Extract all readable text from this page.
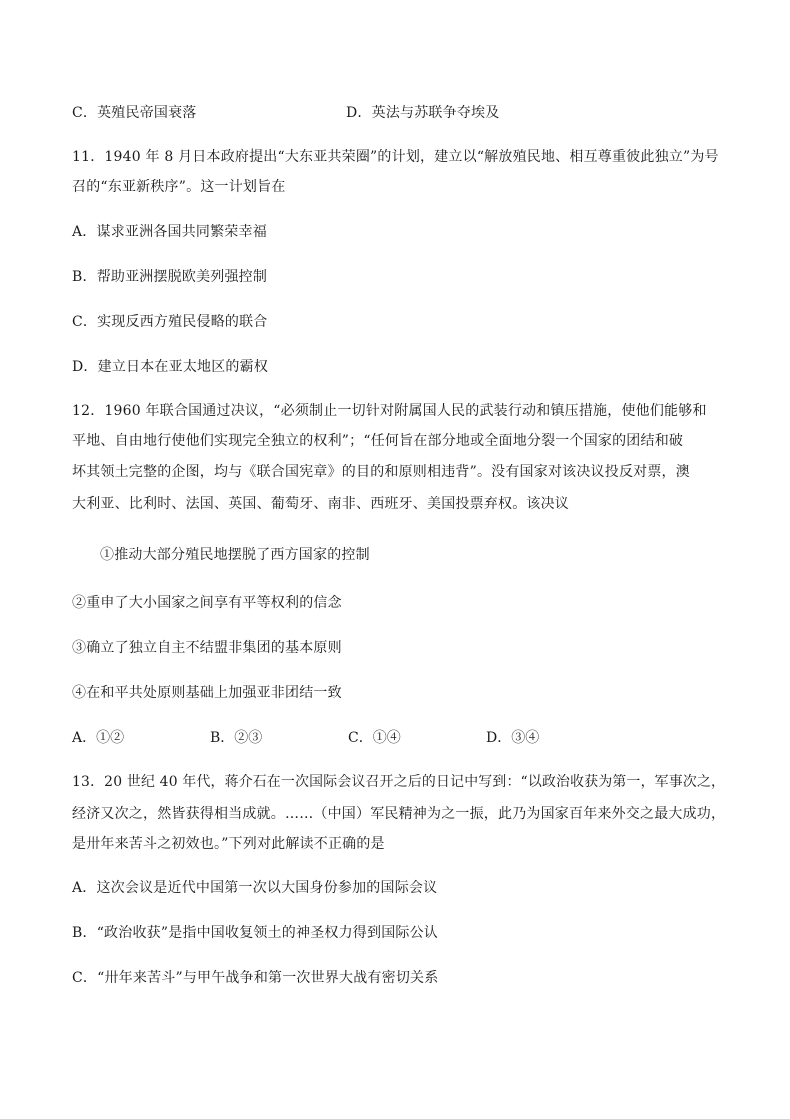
C．英殖民帝国衰落	D．英法与苏联争夺埃及
11．1940 年 8 月日本政府提出“大东亚共荣圈”的计划，建立以“解放殖民地、相互尊重彼此独立”为号
召的“东亚新秩序”。这一计划旨在
A．谋求亚洲各国共同繁荣幸福
B．帮助亚洲摆脱欧美列强控制
C．实现反西方殖民侵略的联合
D．建立日本在亚太地区的霸权
12．1960 年联合国通过决议，“必须制止一切针对附属国人民的武装行动和镇压措施，使他们能够和
平地、自由地行使他们实现完全独立的权利”；“任何旨在部分地或全面地分裂一个国家的团结和破
坏其领土完整的企图，均与《联合国宪章》的目的和原则相违背”。没有国家对该决议投反对票，澳
大利亚、比利时、法国、英国、葡萄牙、南非、西班牙、美国投票弃权。该决议
①推动大部分殖民地摆脱了西方国家的控制
②重申了大小国家之间享有平等权利的信念
③确立了独立自主不结盟非集团的基本原则
④在和平共处原则基础上加强亚非团结一致
A．①②	B．②③	C．①④	D．③④
13．20 世纪 40 年代，蒋介石在一次国际会议召开之后的日记中写到：“以政治收获为第一，军事次之，
经济又次之，然皆获得相当成就。……（中国）军民精神为之一振，此乃为国家百年来外交之最大成功，
是卅年来苦斗之初效也。”下列对此解读不正确的是
A．这次会议是近代中国第一次以大国身份参加的国际会议
B．“政治收获”是指中国收复领土的神圣权力得到国际公认
C．“卅年来苦斗”与甲午战争和第一次世界大战有密切关系
